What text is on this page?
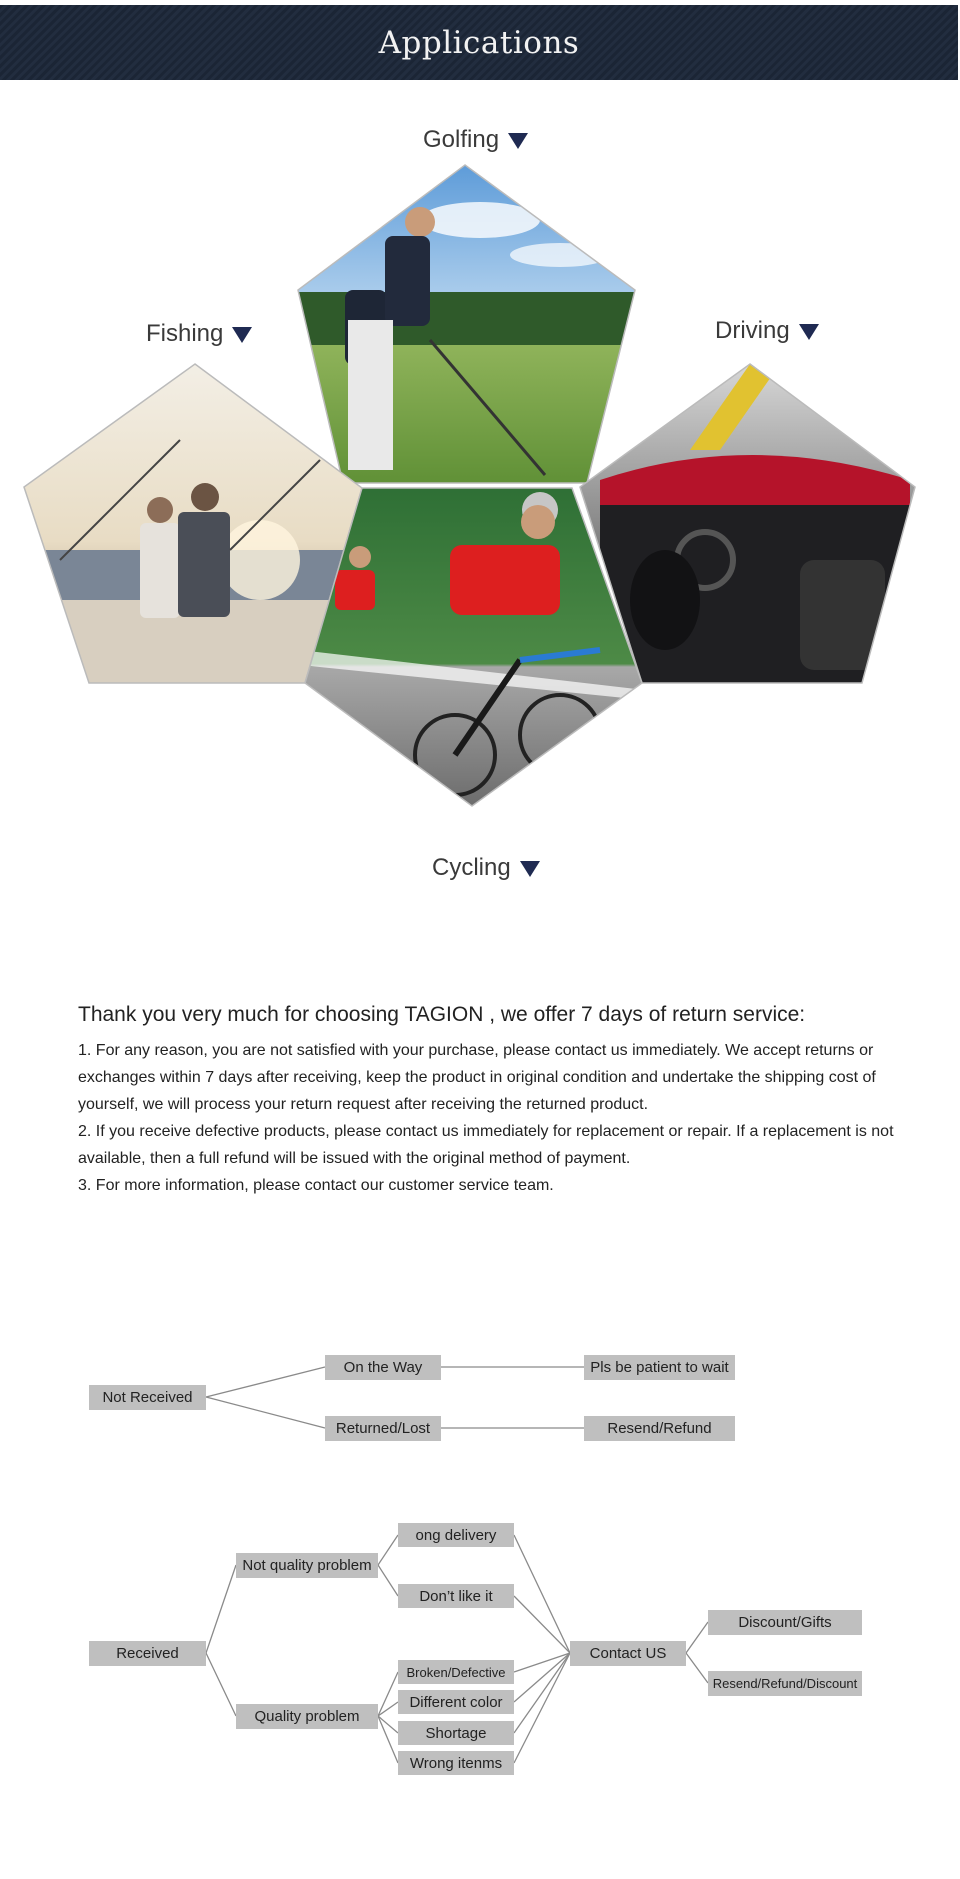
Applications
Golfing
Fishing	Driving
Cycling
Thank you very much for choosing TAGION , we offer 7 days of return service:

1. For any reason, you are not satisfied with your purchase, please contact us immediately. We accept returns or exchanges within 7 days after receiving, keep the product in original condition and undertake the shipping cost of yourself, we will process your return request after receiving the returned product.

2. If you receive defective products, please contact us immediately for replacement or repair. If a replacement is not available, then a full refund will be issued with the original method of payment.

3. For more information, please contact our customer service team.

Not Received
On the Way	Pls be patient to wait
Returned/Lost	Resend/Refund
Received
Not quality problem
Quality problem
ong delivery
Don’t like it
Broken/Defective
Different color
Shortage
Wrong itenms
Contact US
Discount/Gifts
Resend/Refund/Discount
